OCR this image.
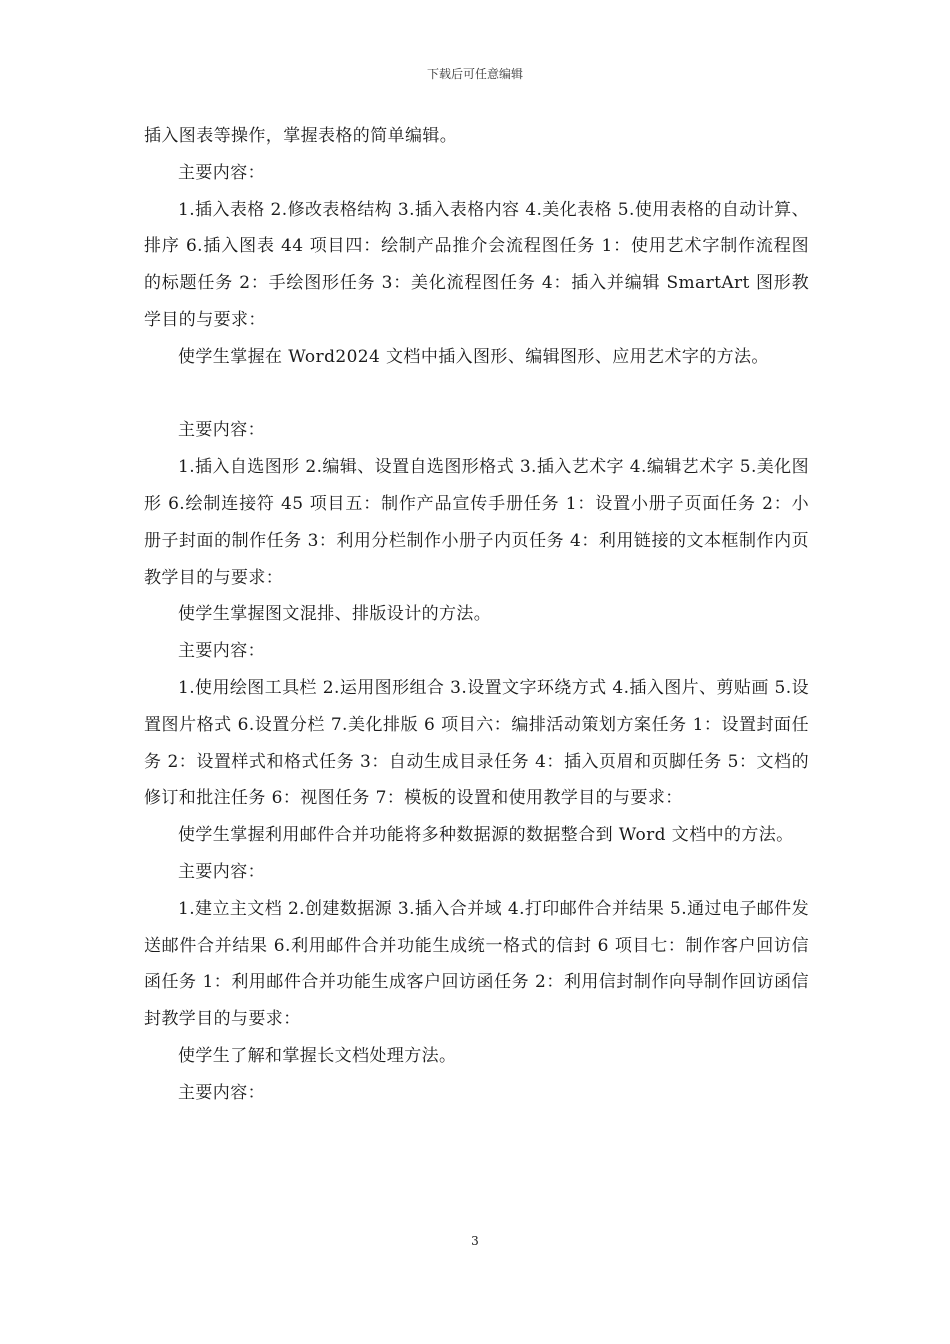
下载后可任意编辑

插入图表等操作，掌握表格的简单编辑。

主要内容：

1.插入表格 2.修改表格结构 3.插入表格内容 4.美化表格 5.使用表格的自动计算、排序 6.插入图表 44 项目四：绘制产品推介会流程图任务 1：使用艺术字制作流程图的标题任务 2：手绘图形任务 3：美化流程图任务 4：插入并编辑 SmartArt 图形教学目的与要求：

使学生掌握在 Word2024 文档中插入图形、编辑图形、应用艺术字的方法。

主要内容：

1.插入自选图形 2.编辑、设置自选图形格式 3.插入艺术字 4.编辑艺术字 5.美化图形 6.绘制连接符 45 项目五：制作产品宣传手册任务 1：设置小册子页面任务 2：小册子封面的制作任务 3：利用分栏制作小册子内页任务 4：利用链接的文本框制作内页教学目的与要求：

使学生掌握图文混排、排版设计的方法。

主要内容：

1.使用绘图工具栏 2.运用图形组合 3.设置文字环绕方式 4.插入图片、剪贴画 5.设置图片格式 6.设置分栏 7.美化排版 6 项目六：编排活动策划方案任务 1：设置封面任务 2：设置样式和格式任务 3：自动生成目录任务 4：插入页眉和页脚任务 5：文档的修订和批注任务 6：视图任务 7：模板的设置和使用教学目的与要求：

使学生掌握利用邮件合并功能将多种数据源的数据整合到 Word 文档中的方法。

主要内容：

1.建立主文档 2.创建数据源 3.插入合并域 4.打印邮件合并结果 5.通过电子邮件发送邮件合并结果 6.利用邮件合并功能生成统一格式的信封 6 项目七：制作客户回访信函任务 1：利用邮件合并功能生成客户回访函任务 2：利用信封制作向导制作回访函信封教学目的与要求：

使学生了解和掌握长文档处理方法。

主要内容：

3
